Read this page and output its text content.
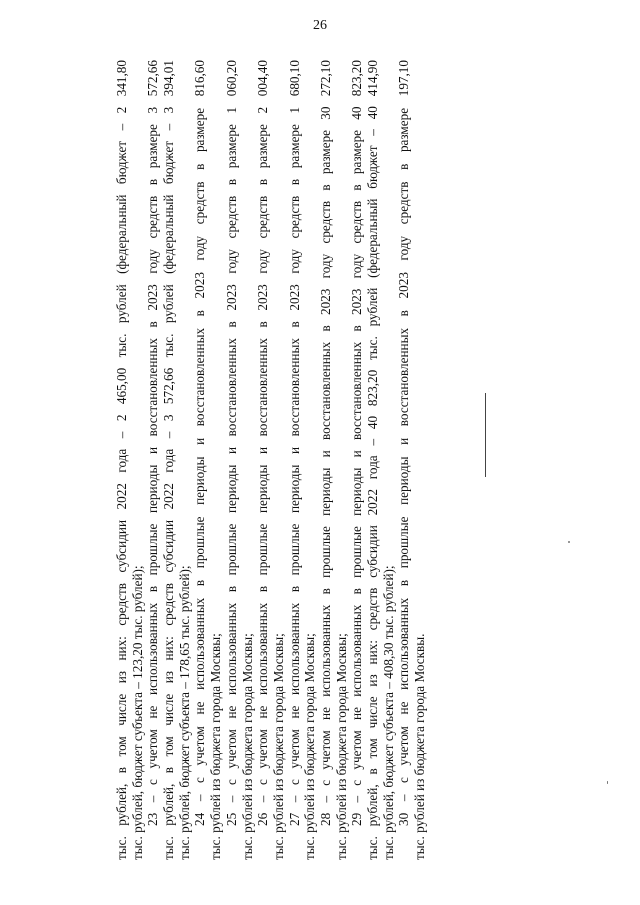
26
тыс. рублей, в том числе из них: средств субсидии 2022 года – 2 465,00 тыс. рублей (федеральный бюджет – 2 341,80 тыс. рублей, бюджет субъекта – 123,20 тыс. рублей); 23 – с учетом не использованных в прошлые периоды и восстановленных в 2023 году средств в размере 3 572,66 тыс. рублей, в том числе из них: средств субсидии 2022 года – 3 572,66 тыс. рублей (федеральный бюджет – 3 394,01 тыс. рублей, бюджет субъекта – 178,65 тыс. рублей); 24 – с учетом не использованных в прошлые периоды и восстановленных в 2023 году средств в размере 816,60 тыс. рублей из бюджета города Москвы; 25 – с учетом не использованных в прошлые периоды и восстановленных в 2023 году средств в размере 1 060,20 тыс. рублей из бюджета города Москвы; 26 – с учетом не использованных в прошлые периоды и восстановленных в 2023 году средств в размере 2 004,40 тыс. рублей из бюджета города Москвы; 27 – с учетом не использованных в прошлые периоды и восстановленных в 2023 году средств в размере 1 680,10 тыс. рублей из бюджета города Москвы; 28 – с учетом не использованных в прошлые периоды и восстановленных в 2023 году средств в размере 30 272,10 тыс. рублей из бюджета города Москвы; 29 – с учетом не использованных в прошлые периоды и восстановленных в 2023 году средств в размере 40 823,20 тыс. рублей, в том числе из них: средств субсидии 2022 года – 40 823,20 тыс. рублей (федеральный бюджет – 40 414,90 тыс. рублей, бюджет субъекта – 408,30 тыс. рублей); 30 – с учетом не использованных в прошлые периоды и восстановленных в 2023 году средств в размере 197,10 тыс. рублей из бюджета города Москвы.
